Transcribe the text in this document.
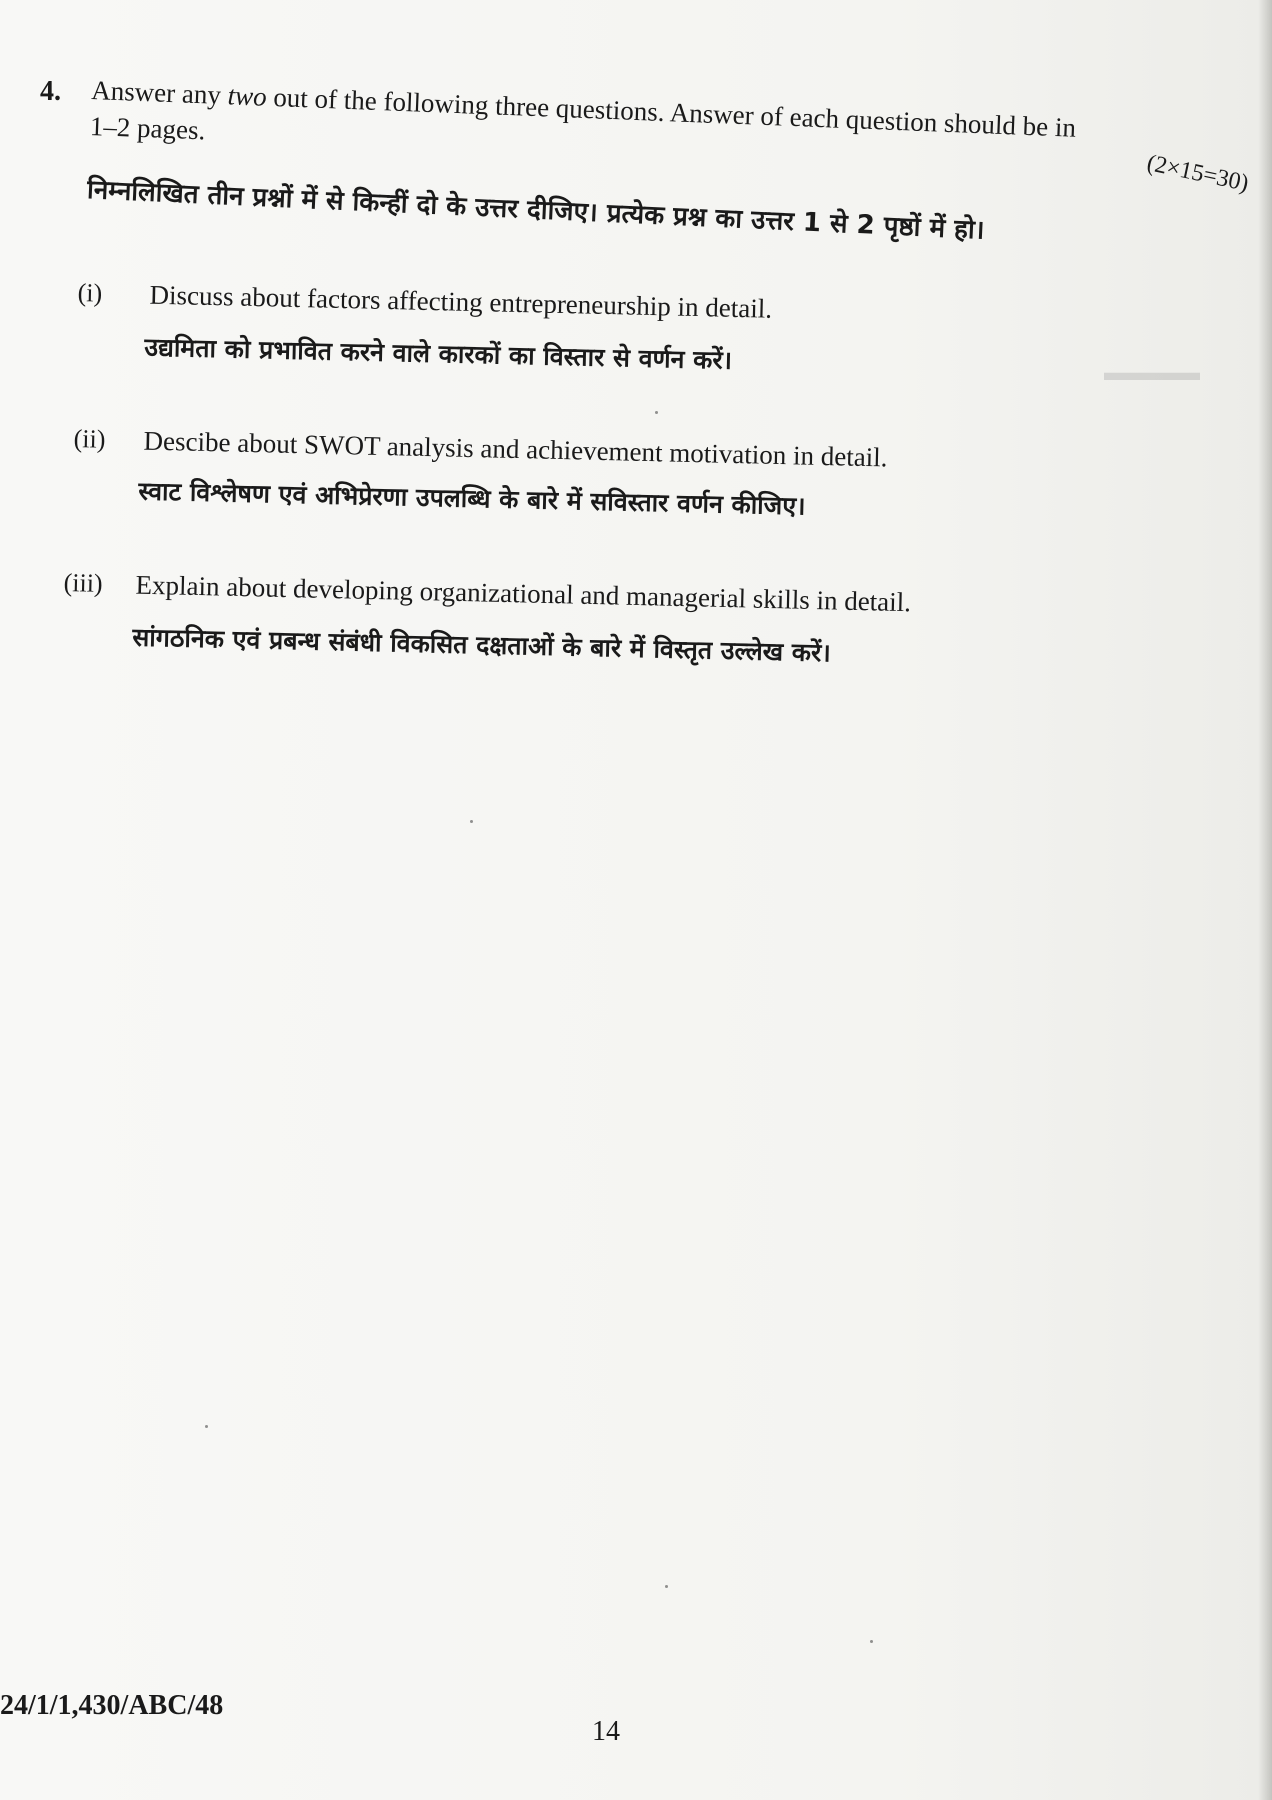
▬▬▬▬
4. Answer any two out of the following three questions. Answer of each question should be in
1–2 pages.
(2×15=30)
निम्नलिखित तीन प्रश्नों में से किन्हीं दो के उत्तर दीजिए। प्रत्येक प्रश्न का उत्तर 1 से 2 पृष्ठों में हो।
(i) Discuss about factors affecting entrepreneurship in detail.
उद्यमिता को प्रभावित करने वाले कारकों का विस्तार से वर्णन करें।
(ii) Descibe about SWOT analysis and achievement motivation in detail.
स्वाट विश्लेषण एवं अभिप्रेरणा उपलब्धि के बारे में सविस्तार वर्णन कीजिए।
(iii) Explain about developing organizational and managerial skills in detail.
सांगठनिक एवं प्रबन्ध संबंधी विकसित दक्षताओं के बारे में विस्तृत उल्लेख करें।
24/1/1,430/ABC/48
14
